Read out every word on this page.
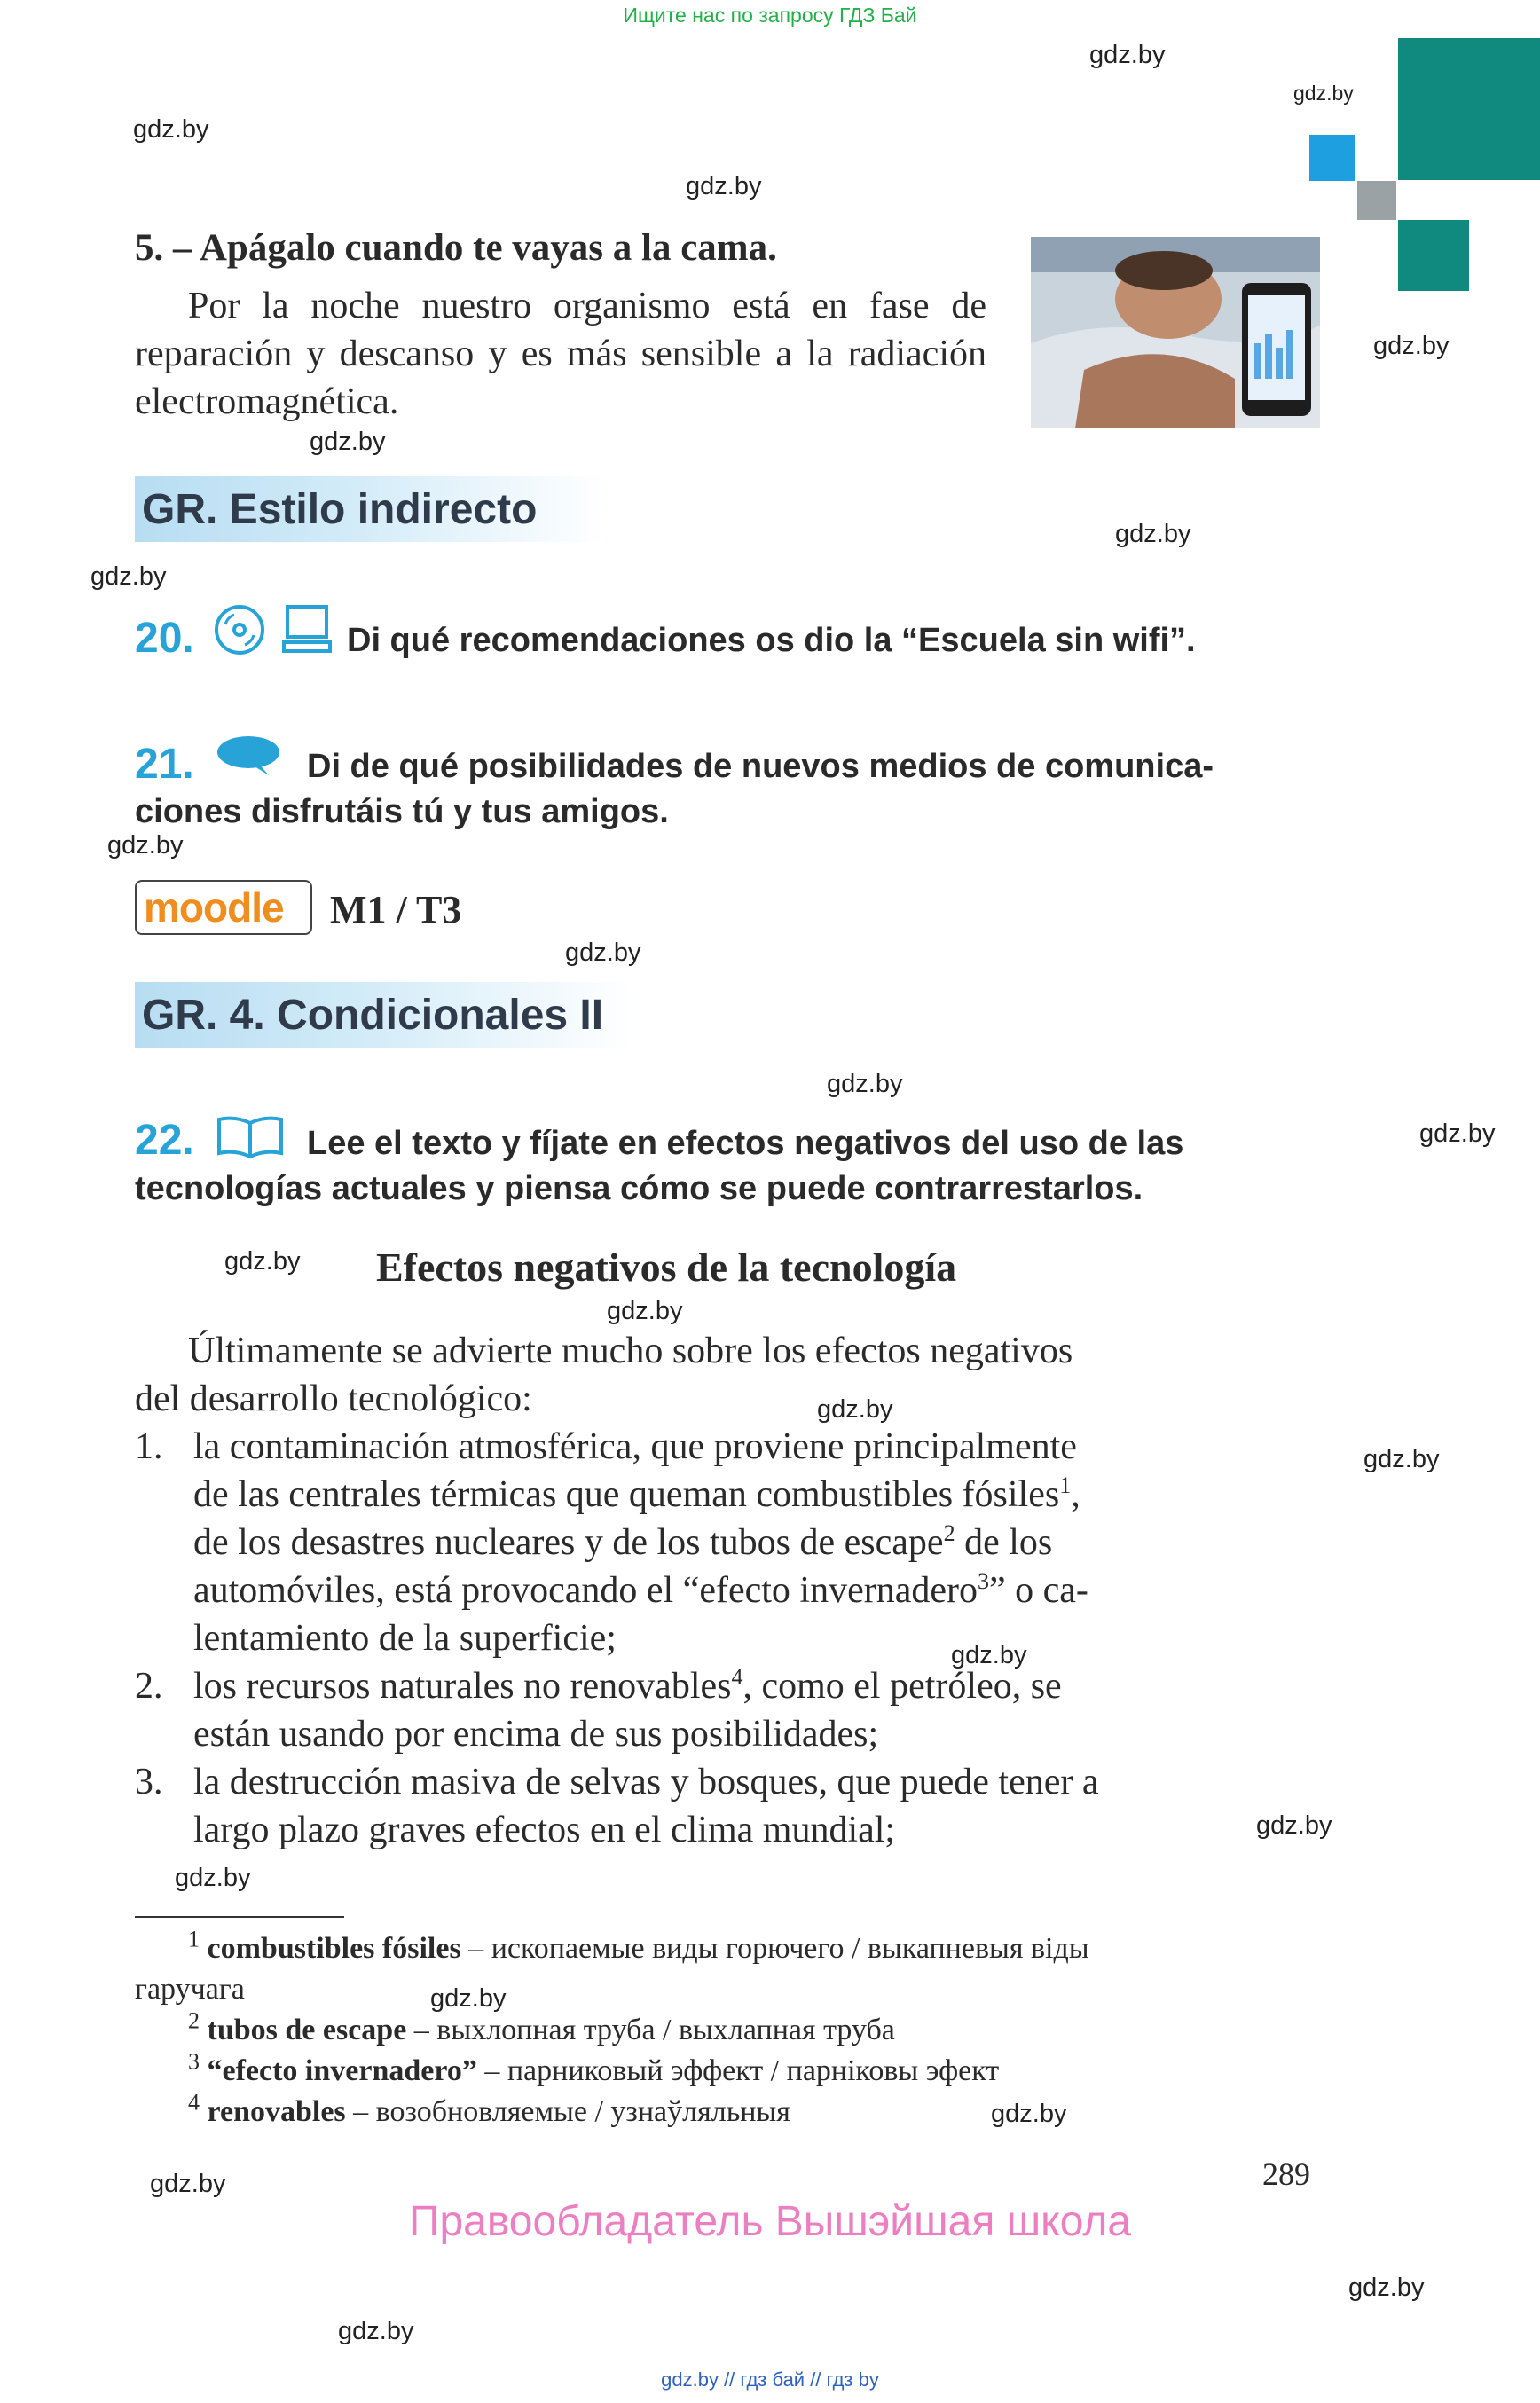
Ищите нас по запросу ГДЗ Бай
gdz.by
gdz.by
gdz.by
gdz.by
gdz.by
gdz.by
gdz.by
gdz.by
gdz.by
gdz.by
gdz.by
gdz.by
gdz.by
gdz.by
gdz.by
gdz.by
gdz.by
gdz.by
gdz.by
gdz.by
gdz.by
gdz.by
gdz.by
gdz.by
5. – Apágalo cuando te vayas a la cama.
Por la noche nuestro organismo está en fase de reparación y descanso y es más sensible a la radiación electromagnética.
GR. Estilo indirecto
20.	Di qué recomendaciones os dio la “Escuela sin wifi”.
21.	Di de qué posibilidades de nuevos medios de comunica-
ciones disfrutáis tú y tus amigos.
moodle M1 / T3
GR. 4. Condicionales II
22.	Lee el texto y fíjate en efectos negativos del uso de las
tecnologías actuales y piensa cómo se puede contrarrestarlos.
Efectos negativos de la tecnología
Últimamente se advierte mucho sobre los efectos negativos
del desarrollo tecnológico:
1. la contaminación atmosférica, que proviene principalmente
de las centrales térmicas que queman combustibles fósiles$^1$,
de los desastres nucleares y de los tubos de escape$^2$ de los
automóviles, está provocando el “efecto invernadero$^3$” o ca-
lentamiento de la superficie;
2. los recursos naturales no renovables$^4$, como el petróleo, se
están usando por encima de sus posibilidades;
3. la destrucción masiva de selvas y bosques, que puede tener a
largo plazo graves efectos en el clima mundial;
$^1$ combustibles fósiles – ископаемые виды горючего / выкапневыя віды
гаручага
$^2$ tubos de escape – выхлопная труба / выхлапная труба
$^3$ “efecto invernadero” – парниковый эффект / парніковы эфект
$^4$ renovables – возобновляемые / узнаўляльныя
289
Правообладатель Вышэйшая школа
gdz.by // гдз бай // гдз by
